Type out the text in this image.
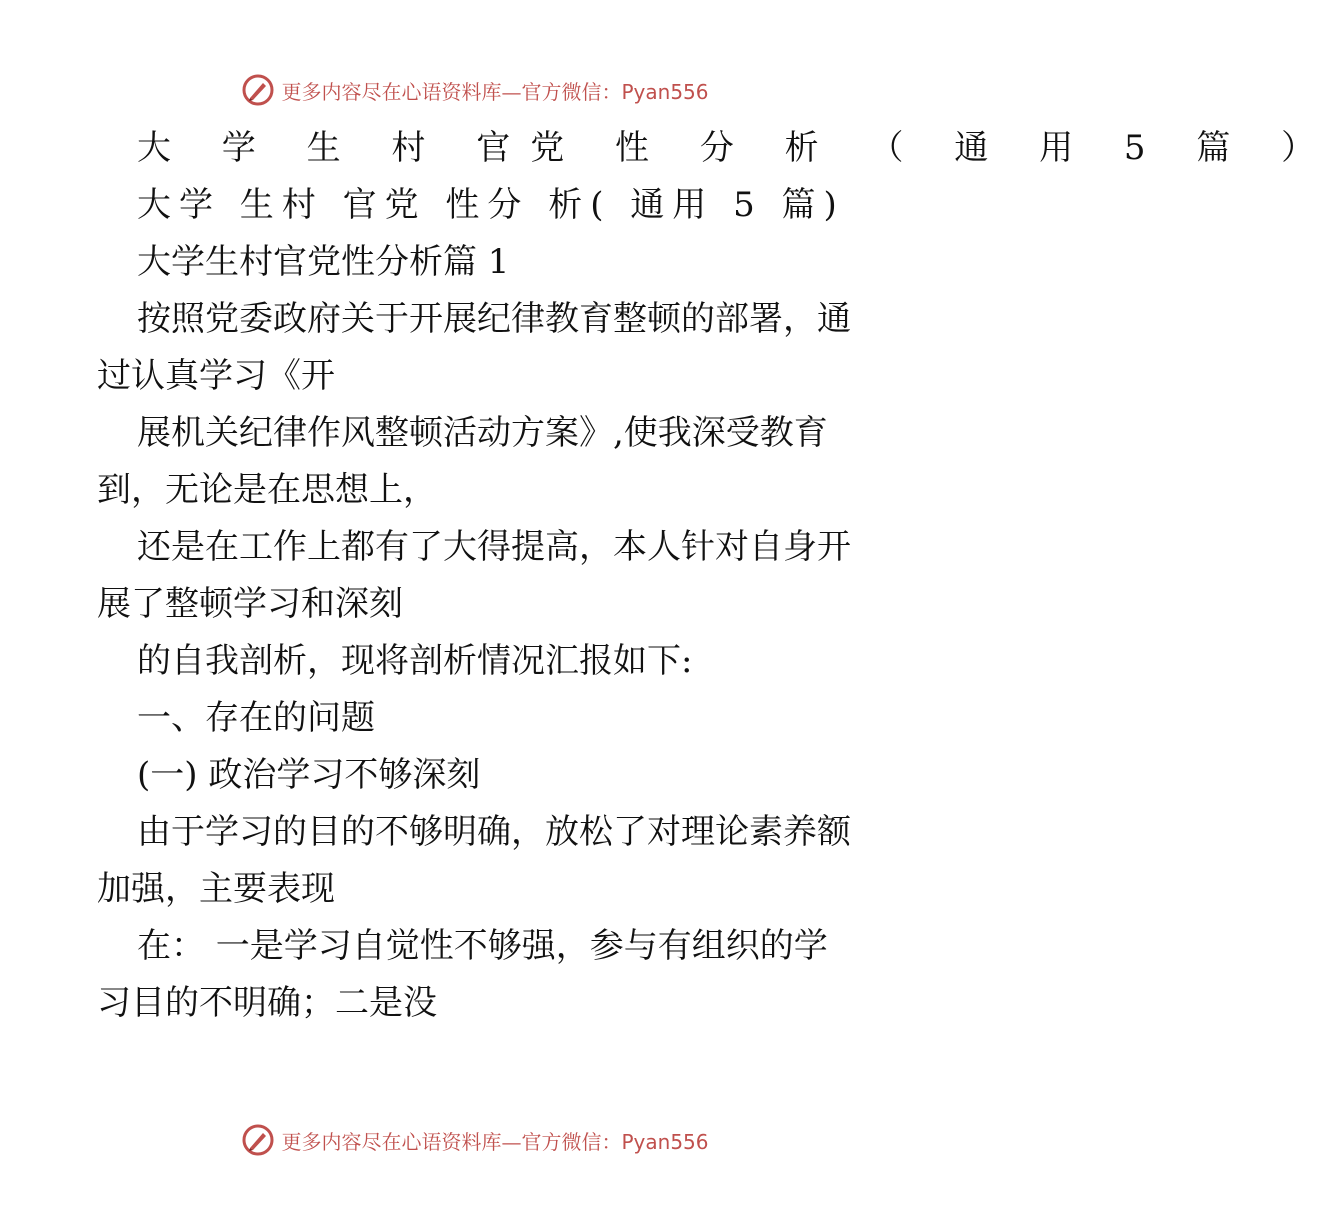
更多内容尽在心语资料库—官方微信：Pyan556
大 学 生 村 官党 性 分 析 （ 通 用 5 篇 ）
大学 生村 官党 性分 析( 通用 5 篇)
大学生村官党性分析篇 1
按照党委政府关于开展纪律教育整顿的部署，通
过认真学习《开
展机关纪律作风整顿活动方案》,使我深受教育
到，无论是在思想上，
还是在工作上都有了大得提高，本人针对自身开
展了整顿学习和深刻
的自我剖析，现将剖析情况汇报如下:
一、存在的问题
(一) 政治学习不够深刻
由于学习的目的不够明确，放松了对理论素养额
加强，主要表现
在： 一是学习自觉性不够强，参与有组织的学
习目的不明确；二是没
更多内容尽在心语资料库—官方微信：Pyan556
